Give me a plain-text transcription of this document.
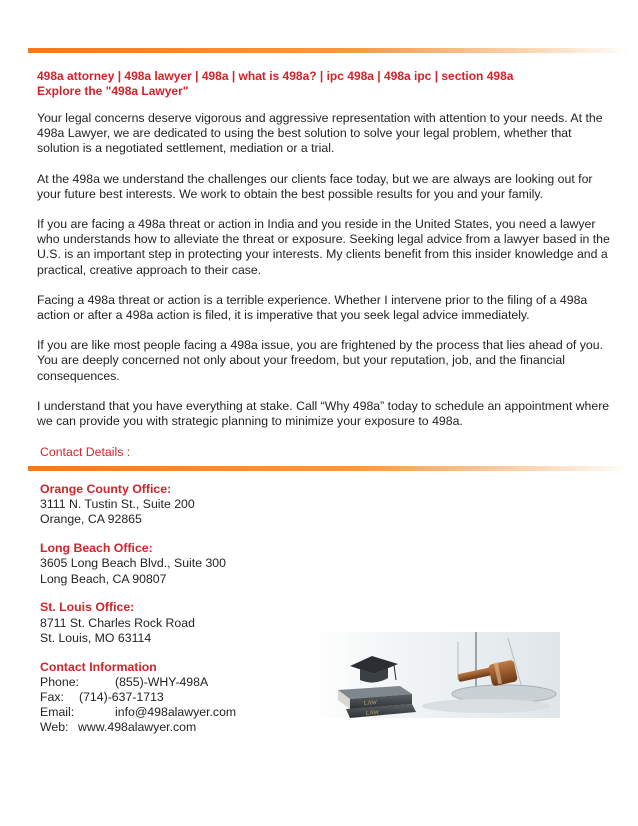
498a attorney | 498a lawyer | 498a | what is 498a? | ipc 498a | 498a ipc | section 498a
Explore the "498a Lawyer"

Your legal concerns deserve vigorous and aggressive representation with attention to your needs. At the 498a Lawyer, we are dedicated to using the best solution to solve your legal problem, whether that solution is a negotiated settlement, mediation or a trial.

At the 498a we understand the challenges our clients face today, but we are always are looking out for your future best interests. We work to obtain the best possible results for you and your family.

If you are facing a 498a threat or action in India and you reside in the United States, you need a lawyer who understands how to alleviate the threat or exposure. Seeking legal advice from a lawyer based in the U.S. is an important step in protecting your interests. My clients benefit from this insider knowledge and a practical, creative approach to their case.

Facing a 498a threat or action is a terrible experience. Whether I intervene prior to the filing of a 498a action or after a 498a action is filed, it is imperative that you seek legal advice immediately.

If you are like most people facing a 498a issue, you are frightened by the process that lies ahead of you. You are deeply concerned not only about your freedom, but your reputation, job, and the financial consequences.

I understand that you have everything at stake. Call “Why 498a” today to schedule an appointment where we can provide you with strategic planning to minimize your exposure to 498a.

Contact Details :
Orange County Office:
3111 N. Tustin St., Suite 200
Orange, CA 92865
Long Beach Office:
3605 Long Beach Blvd., Suite 300
Long Beach, CA 90807
St. Louis Office:
8711 St. Charles Rock Road
St. Louis, MO 63114
Contact Information
Phone:	(855)-WHY-498A
Fax:	(714)-637-1713
Email:	info@498alawyer.com
Web: www.498alawyer.com
LAW
LAW
